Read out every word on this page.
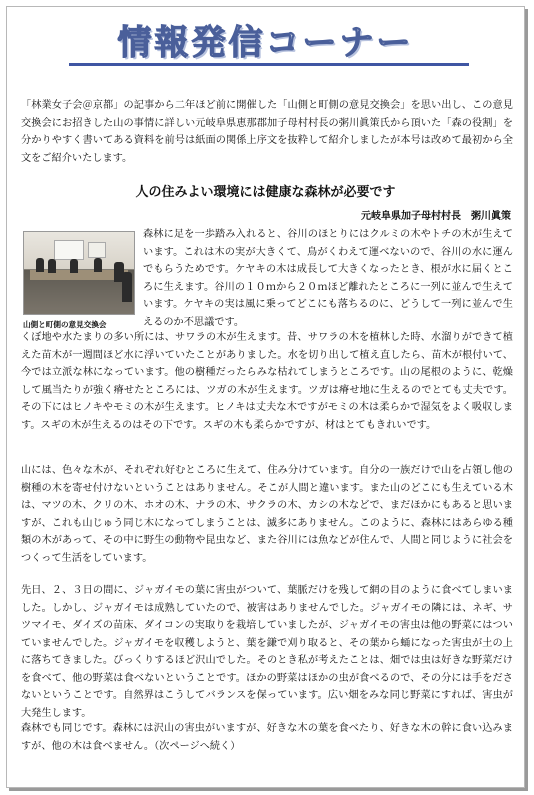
情報発信コーナー
「林業女子会＠京都」の記事から二年ほど前に開催した「山側と町側の意見交換会」を思い出し、この意見交換会にお招きした山の事情に詳しい元岐阜県恵那郡加子母村村長の粥川眞策氏から頂いた「森の役割」を分かりやすく書いてある資料を前号は紙面の関係上序文を抜粋して紹介しましたが本号は改めて最初から全文をご紹介いたします。
人の住みよい環境には健康な森林が必要です
元岐阜県加子母村村長　粥川眞策
山側と町側の意見交換会
森林に足を一歩踏み入れると、谷川のほとりにはクルミの木やトチの木が生えています。これは木の実が大きくて、鳥がくわえて運べないので、谷川の水に運んでもらうためです。ケヤキの木は成長して大きくなったとき、根が水に届くところに生えます。谷川の１０ｍから２０ｍほど離れたところに一列に並んで生えています。ケヤキの実は風に乗ってどこにも落ちるのに、どうして一列に並んで生えるのか不思議です。
くぼ地や水たまりの多い所には、サワラの木が生えます。昔、サワラの木を植林した時、水溜りができて植えた苗木が一週間ほど水に浮いていたことがありました。水を切り出して植え直したら、苗木が根付いて、今では立派な林になっています。他の樹種だったらみな枯れてしまうところです。山の尾根のように、乾燥して風当たりが強く瘠せたところには、ツガの木が生えます。ツガは瘠せ地に生えるのでとても丈夫です。その下にはヒノキやモミの木が生えます。ヒノキは丈夫な木ですがモミの木は柔らかで湿気をよく吸収します。スギの木が生えるのはその下です。スギの木も柔らかですが、材はとてもきれいです。
山には、色々な木が、それぞれ好むところに生えて、住み分けています。自分の一族だけで山を占領し他の樹種の木を寄せ付けないということはありません。そこが人間と違います。また山のどこにも生えている木は、マツの木、クリの木、ホオの木、ナラの木、サクラの木、カシの木などで、まだほかにもあると思いますが、これも山じゅう同じ木になってしまうことは、滅多にありません。このように、森林にはあらゆる種類の木があって、その中に野生の動物や昆虫など、また谷川には魚などが住んで、人間と同じように社会をつくって生活をしています。
先日、２、３日の間に、ジャガイモの葉に害虫がついて、葉脈だけを残して網の目のように食べてしまいました。しかし、ジャガイモは成熟していたので、被害はありませんでした。ジャガイモの隣には、ネギ、サツマイモ、ダイズの苗床、ダイコンの実取りを栽培していましたが、ジャガイモの害虫は他の野菜にはついていませんでした。ジャガイモを収穫しようと、葉を鎌で刈り取ると、その葉から蛹になった害虫が土の上に落ちてきました。びっくりするほど沢山でした。そのとき私が考えたことは、畑では虫は好きな野菜だけを食べて、他の野菜は食べないということです。ほかの野菜はほかの虫が食べるので、その分には手をださないということです。自然界はこうしてバランスを保っています。広い畑をみな同じ野菜にすれば、害虫が大発生します。
森林でも同じです。森林には沢山の害虫がいますが、好きな木の葉を食べたり、好きな木の幹に食い込みますが、他の木は食べません。（次ページへ続く）
